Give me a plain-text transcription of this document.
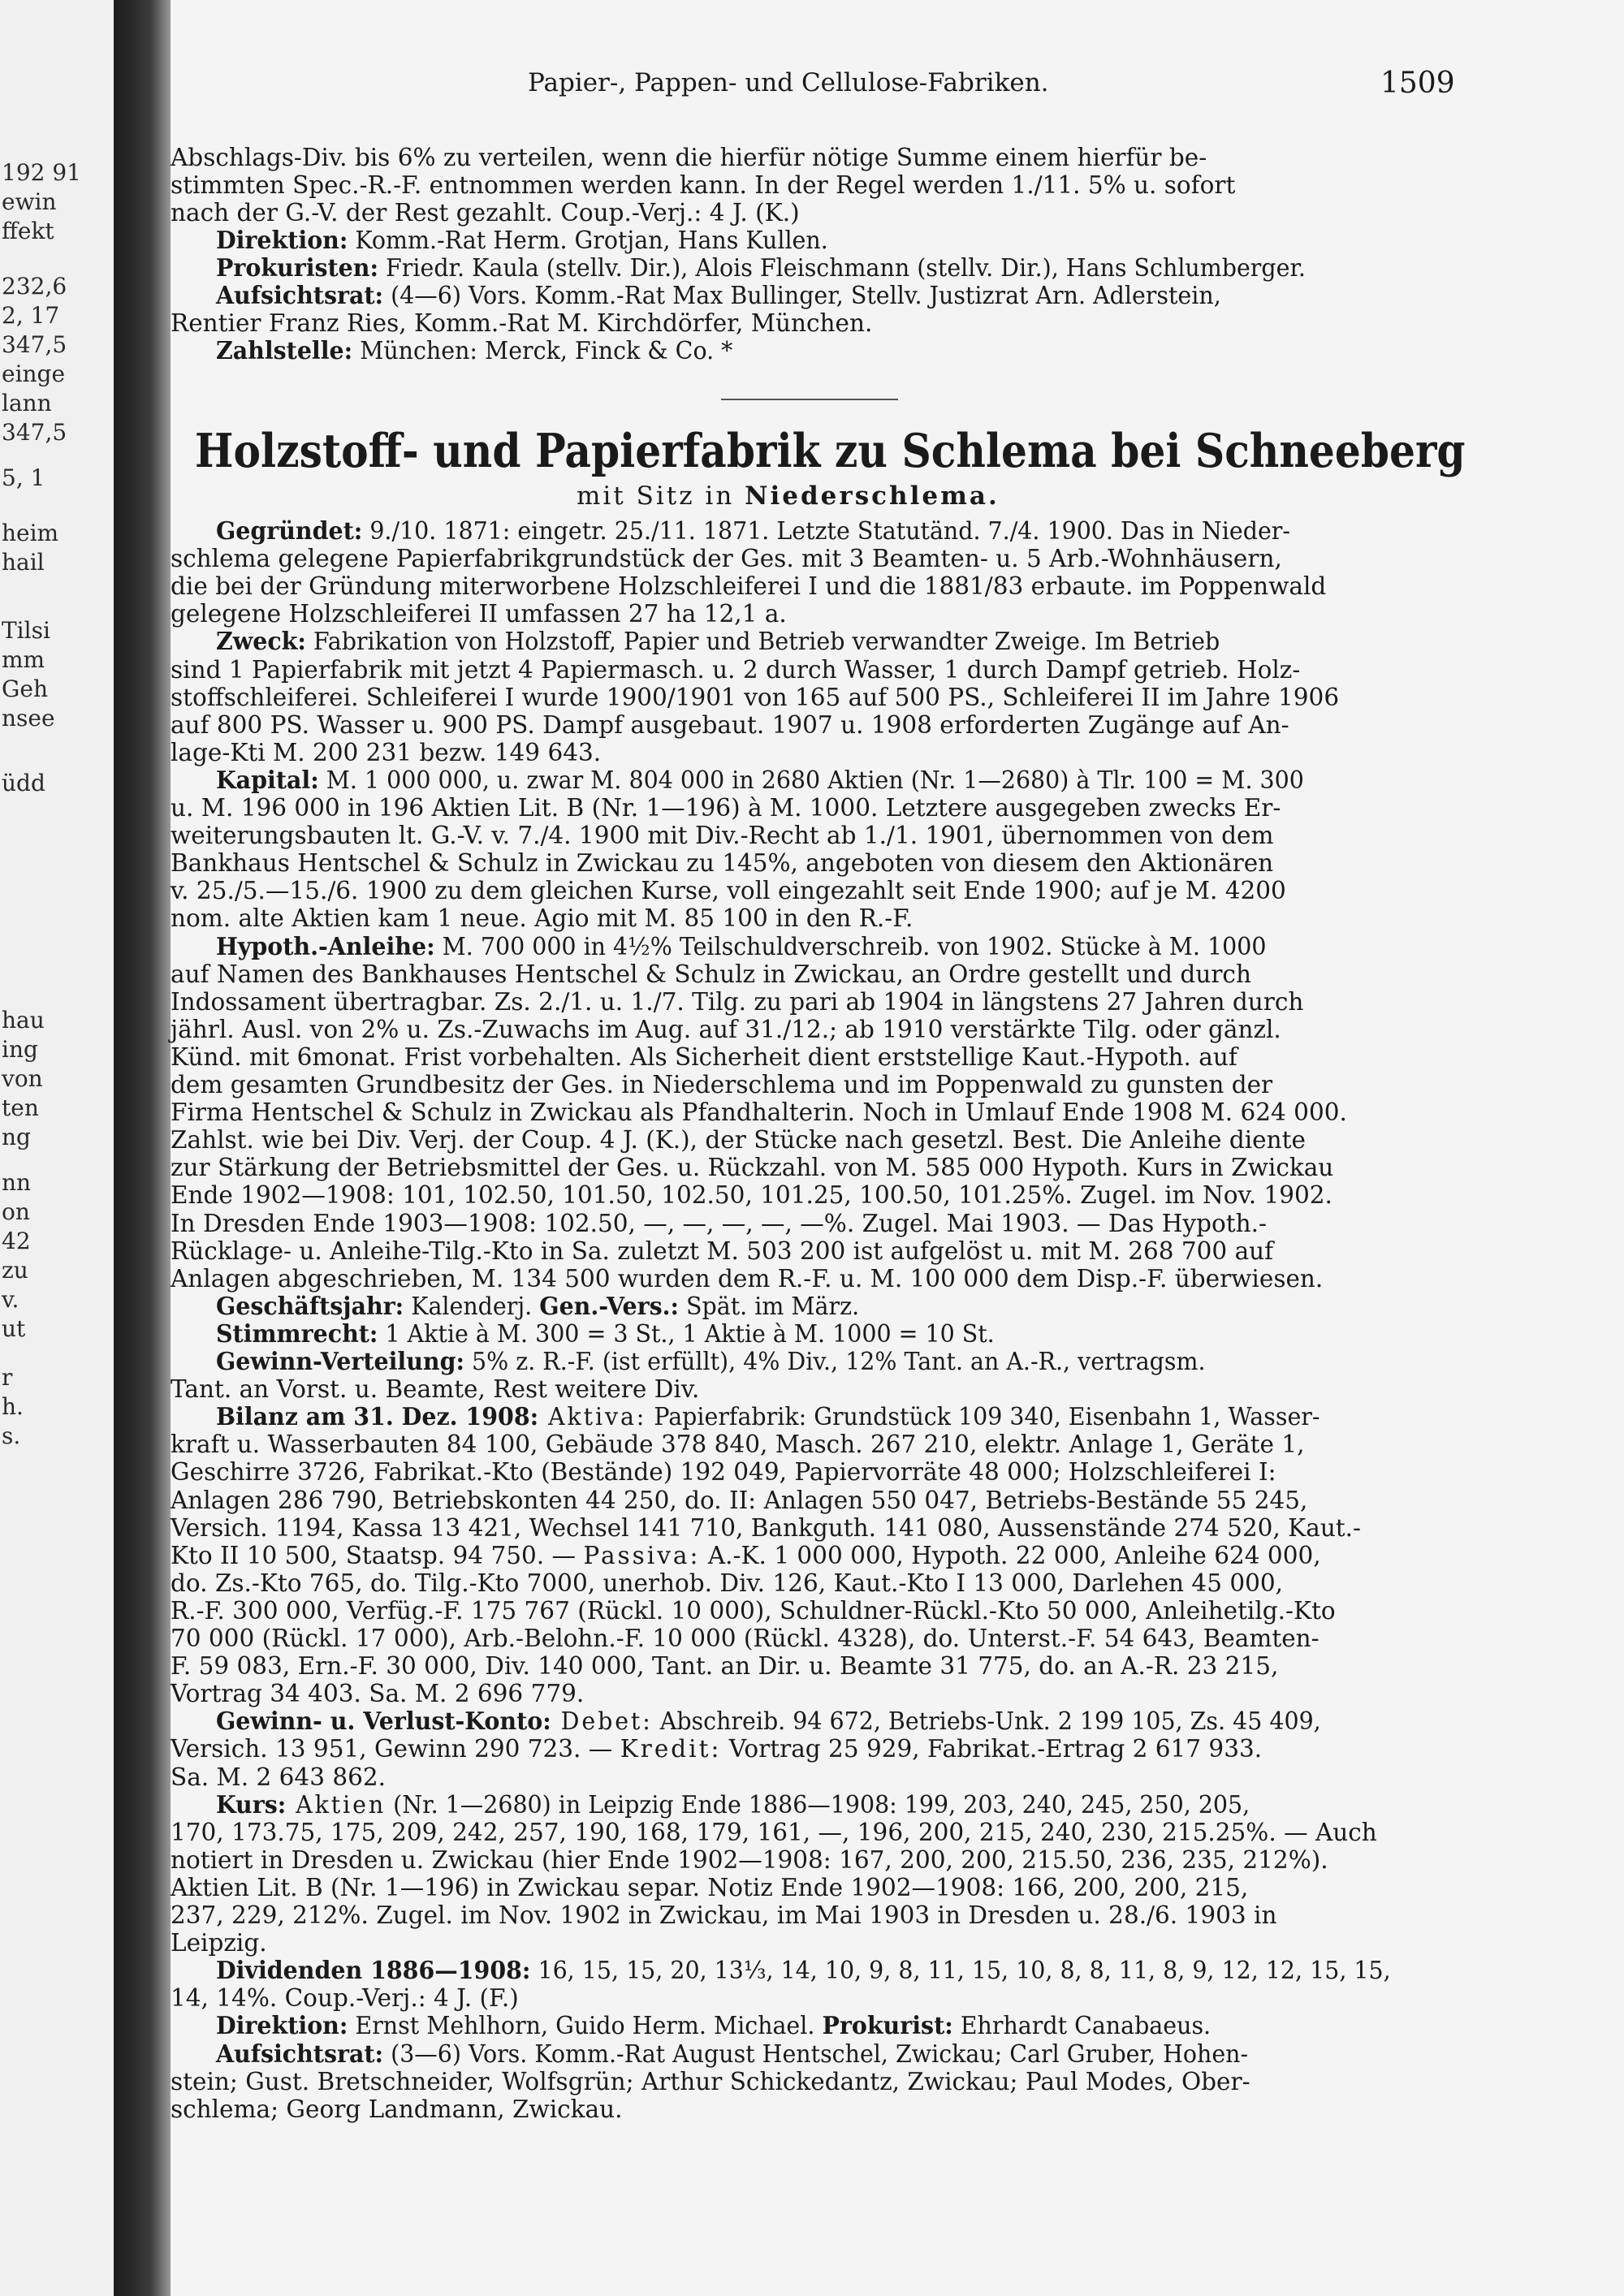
192 91
ewin
ffekt
232,6
2, 17
347,5
einge
lann
347,5
5, 1
heim
hail
Tilsi
mm
Geh
nsee
üdd
hau
ing
von
ten
ng
nn
on
42
zu
v.
ut
r
h.
s.
Papier-, Pappen- und Cellulose-Fabriken.	1509
Abschlags-Div. bis 6% zu verteilen, wenn die hierfür nötige Summe einem hierfür be-
stimmten Spec.-R.-F. entnommen werden kann. In der Regel werden 1./11. 5% u. sofort
nach der G.-V. der Rest gezahlt. Coup.-Verj.: 4 J. (K.)
Direktion: Komm.-Rat Herm. Grotjan, Hans Kullen.
Prokuristen: Friedr. Kaula (stellv. Dir.), Alois Fleischmann (stellv. Dir.), Hans Schlumberger.
Aufsichtsrat: (4—6) Vors. Komm.-Rat Max Bullinger, Stellv. Justizrat Arn. Adlerstein,
Rentier Franz Ries, Komm.-Rat M. Kirchdörfer, München.
Zahlstelle: München: Merck, Finck & Co. *
Holzstoff- und Papierfabrik zu Schlema bei Schneeberg
mit Sitz in Niederschlema.
Gegründet: 9./10. 1871: eingetr. 25./11. 1871. Letzte Statutänd. 7./4. 1900. Das in Nieder-
schlema gelegene Papierfabrikgrundstück der Ges. mit 3 Beamten- u. 5 Arb.-Wohnhäusern,
die bei der Gründung miterworbene Holzschleiferei I und die 1881/83 erbaute. im Poppenwald
gelegene Holzschleiferei II umfassen 27 ha 12,1 a.
Zweck: Fabrikation von Holzstoff, Papier und Betrieb verwandter Zweige. Im Betrieb
sind 1 Papierfabrik mit jetzt 4 Papiermasch. u. 2 durch Wasser, 1 durch Dampf getrieb. Holz-
stoffschleiferei. Schleiferei I wurde 1900/1901 von 165 auf 500 PS., Schleiferei II im Jahre 1906
auf 800 PS. Wasser u. 900 PS. Dampf ausgebaut. 1907 u. 1908 erforderten Zugänge auf An-
lage-Kti M. 200 231 bezw. 149 643.
Kapital: M. 1 000 000, u. zwar M. 804 000 in 2680 Aktien (Nr. 1—2680) à Tlr. 100 = M. 300
u. M. 196 000 in 196 Aktien Lit. B (Nr. 1—196) à M. 1000. Letztere ausgegeben zwecks Er-
weiterungsbauten lt. G.-V. v. 7./4. 1900 mit Div.-Recht ab 1./1. 1901, übernommen von dem
Bankhaus Hentschel & Schulz in Zwickau zu 145%, angeboten von diesem den Aktionären
v. 25./5.—15./6. 1900 zu dem gleichen Kurse, voll eingezahlt seit Ende 1900; auf je M. 4200
nom. alte Aktien kam 1 neue. Agio mit M. 85 100 in den R.-F.
Hypoth.-Anleihe: M. 700 000 in 4½% Teilschuldverschreib. von 1902. Stücke à M. 1000
auf Namen des Bankhauses Hentschel & Schulz in Zwickau, an Ordre gestellt und durch
Indossament übertragbar. Zs. 2./1. u. 1./7. Tilg. zu pari ab 1904 in längstens 27 Jahren durch
jährl. Ausl. von 2% u. Zs.-Zuwachs im Aug. auf 31./12.; ab 1910 verstärkte Tilg. oder gänzl.
Künd. mit 6monat. Frist vorbehalten. Als Sicherheit dient erststellige Kaut.-Hypoth. auf
dem gesamten Grundbesitz der Ges. in Niederschlema und im Poppenwald zu gunsten der
Firma Hentschel & Schulz in Zwickau als Pfandhalterin. Noch in Umlauf Ende 1908 M. 624 000.
Zahlst. wie bei Div. Verj. der Coup. 4 J. (K.), der Stücke nach gesetzl. Best. Die Anleihe diente
zur Stärkung der Betriebsmittel der Ges. u. Rückzahl. von M. 585 000 Hypoth. Kurs in Zwickau
Ende 1902—1908: 101, 102.50, 101.50, 102.50, 101.25, 100.50, 101.25%. Zugel. im Nov. 1902.
In Dresden Ende 1903—1908: 102.50, —, —, —, —, —%. Zugel. Mai 1903. — Das Hypoth.-
Rücklage- u. Anleihe-Tilg.-Kto in Sa. zuletzt M. 503 200 ist aufgelöst u. mit M. 268 700 auf
Anlagen abgeschrieben, M. 134 500 wurden dem R.-F. u. M. 100 000 dem Disp.-F. überwiesen.
Geschäftsjahr: Kalenderj. Gen.-Vers.: Spät. im März.
Stimmrecht: 1 Aktie à M. 300 = 3 St., 1 Aktie à M. 1000 = 10 St.
Gewinn-Verteilung: 5% z. R.-F. (ist erfüllt), 4% Div., 12% Tant. an A.-R., vertragsm.
Tant. an Vorst. u. Beamte, Rest weitere Div.
Bilanz am 31. Dez. 1908: Aktiva: Papierfabrik: Grundstück 109 340, Eisenbahn 1, Wasser-
kraft u. Wasserbauten 84 100, Gebäude 378 840, Masch. 267 210, elektr. Anlage 1, Geräte 1,
Geschirre 3726, Fabrikat.-Kto (Bestände) 192 049, Papiervorräte 48 000; Holzschleiferei I:
Anlagen 286 790, Betriebskonten 44 250, do. II: Anlagen 550 047, Betriebs-Bestände 55 245,
Versich. 1194, Kassa 13 421, Wechsel 141 710, Bankguth. 141 080, Aussenstände 274 520, Kaut.-
Kto II 10 500, Staatsp. 94 750. — Passiva: A.-K. 1 000 000, Hypoth. 22 000, Anleihe 624 000,
do. Zs.-Kto 765, do. Tilg.-Kto 7000, unerhob. Div. 126, Kaut.-Kto I 13 000, Darlehen 45 000,
R.-F. 300 000, Verfüg.-F. 175 767 (Rückl. 10 000), Schuldner-Rückl.-Kto 50 000, Anleihetilg.-Kto
70 000 (Rückl. 17 000), Arb.-Belohn.-F. 10 000 (Rückl. 4328), do. Unterst.-F. 54 643, Beamten-
F. 59 083, Ern.-F. 30 000, Div. 140 000, Tant. an Dir. u. Beamte 31 775, do. an A.-R. 23 215,
Vortrag 34 403. Sa. M. 2 696 779.
Gewinn- u. Verlust-Konto: Debet: Abschreib. 94 672, Betriebs-Unk. 2 199 105, Zs. 45 409,
Versich. 13 951, Gewinn 290 723. — Kredit: Vortrag 25 929, Fabrikat.-Ertrag 2 617 933.
Sa. M. 2 643 862.
Kurs: Aktien (Nr. 1—2680) in Leipzig Ende 1886—1908: 199, 203, 240, 245, 250, 205,
170, 173.75, 175, 209, 242, 257, 190, 168, 179, 161, —, 196, 200, 215, 240, 230, 215.25%. — Auch
notiert in Dresden u. Zwickau (hier Ende 1902—1908: 167, 200, 200, 215.50, 236, 235, 212%).
Aktien Lit. B (Nr. 1—196) in Zwickau separ. Notiz Ende 1902—1908: 166, 200, 200, 215,
237, 229, 212%. Zugel. im Nov. 1902 in Zwickau, im Mai 1903 in Dresden u. 28./6. 1903 in
Leipzig.
Dividenden 1886—1908: 16, 15, 15, 20, 13⅓, 14, 10, 9, 8, 11, 15, 10, 8, 8, 11, 8, 9, 12, 12, 15, 15,
14, 14%. Coup.-Verj.: 4 J. (F.)
Direktion: Ernst Mehlhorn, Guido Herm. Michael. Prokurist: Ehrhardt Canabaeus.
Aufsichtsrat: (3—6) Vors. Komm.-Rat August Hentschel, Zwickau; Carl Gruber, Hohen-
stein; Gust. Bretschneider, Wolfsgrün; Arthur Schickedantz, Zwickau; Paul Modes, Ober-
schlema; Georg Landmann, Zwickau.
